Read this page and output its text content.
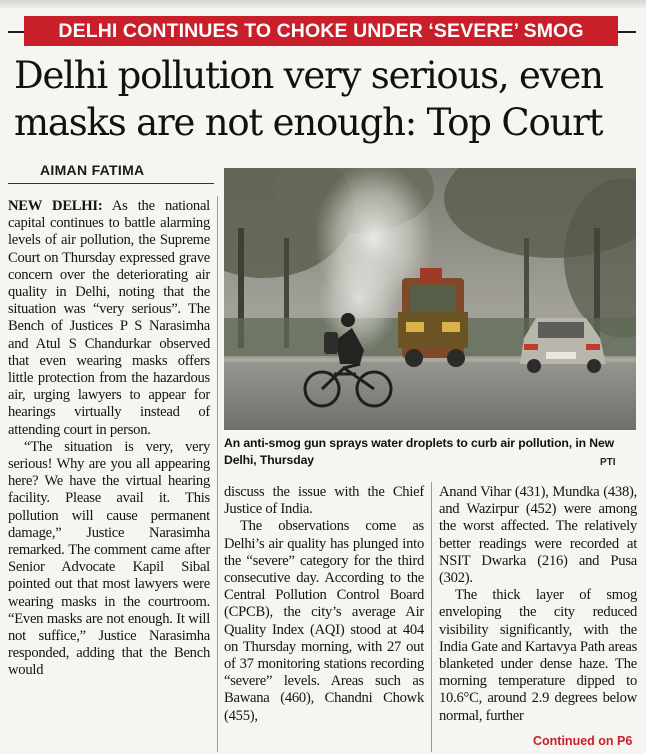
DELHI CONTINUES TO CHOKE UNDER ‘SEVERE’ SMOG
Delhi pollution very serious, even
masks are not enough: Top Court
AIMAN FATIMA
An anti-smog gun sprays water droplets to curb air pollution, in New Delhi, Thursday	PTI

NEW DELHI: As the national capital continues to battle alarming levels of air pollution, the Supreme Court on Thursday expressed grave concern over the deteriorating air quality in Delhi, noting that the situation was “very serious”. The Bench of Justices P S Narasimha and Atul S Chandurkar observed that even wearing masks offers little protection from the hazardous air, urging lawyers to appear for hearings virtually instead of attending court in person.

“The situation is very, very serious! Why are you all appearing here? We have the virtual hearing facility. Please avail it. This pollution will cause permanent damage,” Justice Narasimha remarked. The comment came after Senior Advocate Kapil Sibal pointed out that most lawyers were wearing masks in the courtroom. “Even masks are not enough. It will not suffice,” Justice Narasimha responded, adding that the Bench would

discuss the issue with the Chief Justice of India.

The observations come as Delhi’s air quality has plunged into the “severe” category for the third consecutive day. According to the Central Pollution Control Board (CPCB), the city’s average Air Quality Index (AQI) stood at 404 on Thursday morning, with 27 out of 37 monitoring stations recording “severe” levels. Areas such as Bawana (460), Chandni Chowk (455),

Anand Vihar (431), Mundka (438), and Wazirpur (452) were among the worst affected. The relatively better readings were recorded at NSIT Dwarka (216) and Pusa (302).

The thick layer of smog enveloping the city reduced visibility significantly, with the India Gate and Kartavya Path areas blanketed under dense haze. The morning temperature dipped to 10.6°C, around 2.9 degrees below normal, further

Continued on P6
